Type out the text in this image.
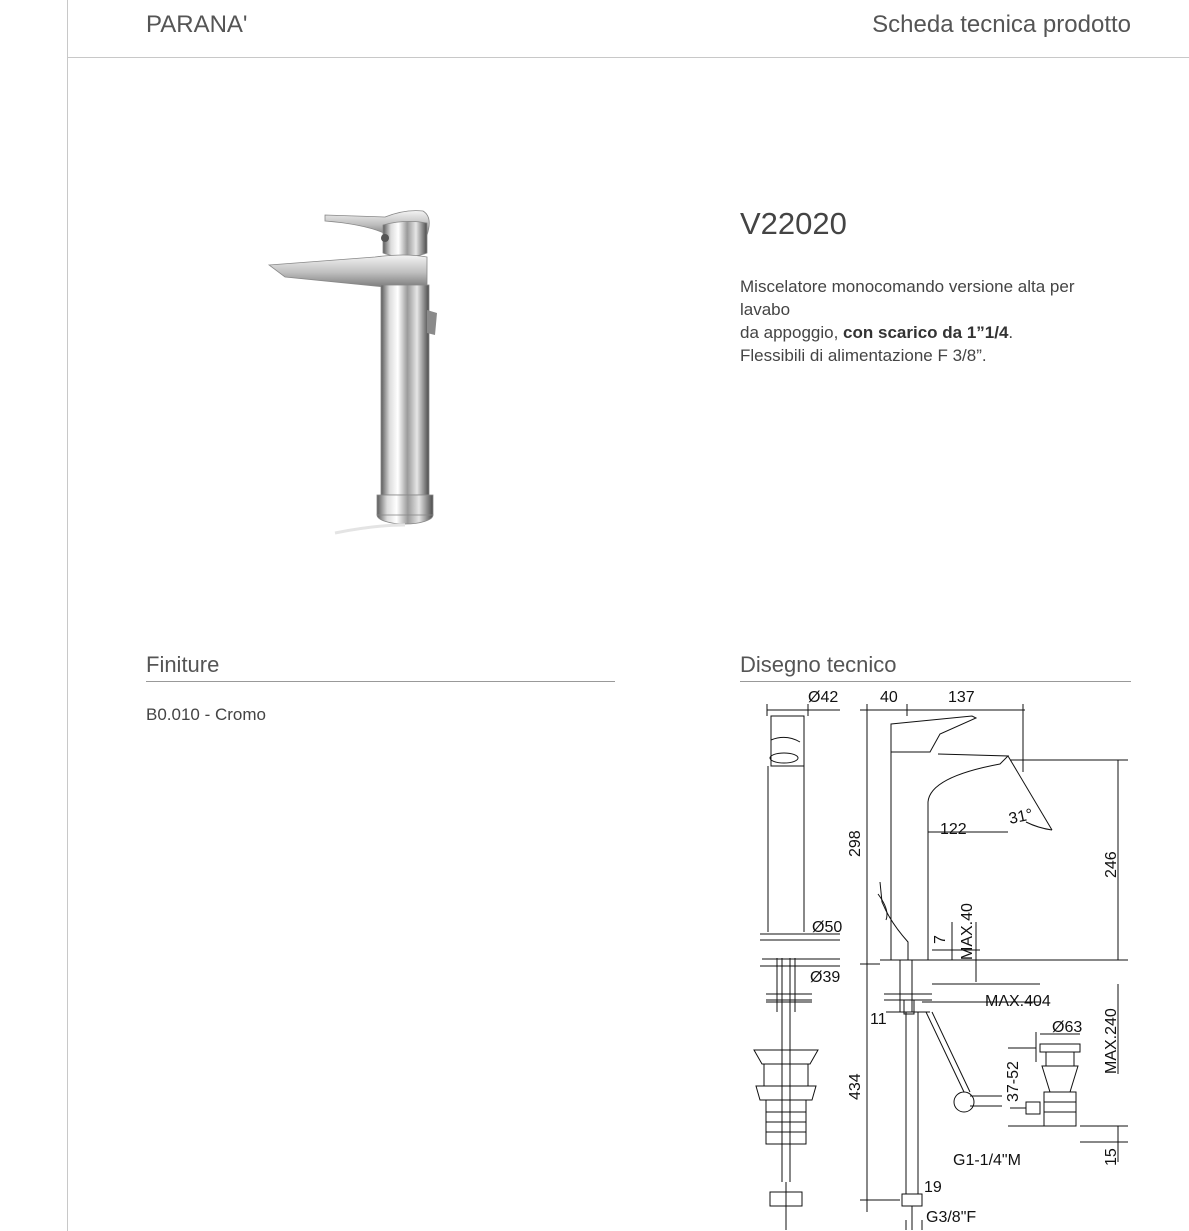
PARANA'	Scheda tecnica prodotto
V22020
Miscelatore monocomando versione alta per
lavabo
da appoggio, con scarico da 1”1/4.
Flessibili di alimentazione F 3/8”.
Finiture
B0.010 - Cromo
Disegno tecnico
Ø42	40	137
298
122
31°
246
Ø50
7 MAX.40
Ø39
MAX.404
11	Ø63 MAX.240
37-52
434
G1-1/4"M	15
19
G3/8"F
